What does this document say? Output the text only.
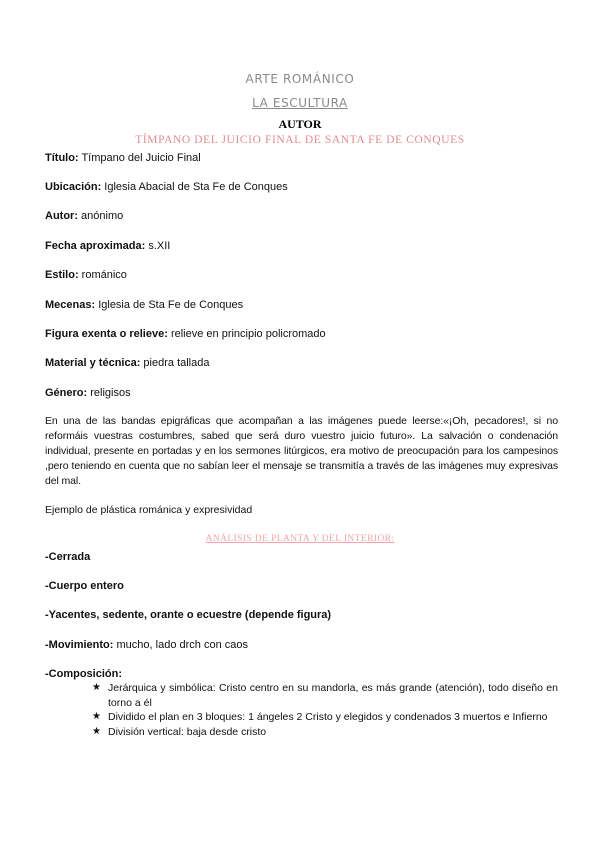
ARTE ROMÁNICO
LA ESCULTURA
AUTOR
TÍMPANO DEL JUICIO FINAL DE SANTA FE DE CONQUES
Título: Tímpano del Juicio Final
Ubicación: Iglesia Abacial de Sta Fe de Conques
Autor: anónimo
Fecha aproximada: s.XII
Estilo: románico
Mecenas: Iglesia de Sta Fe de Conques
Figura exenta o relieve: relieve en principio policromado
Material y técnica: piedra tallada
Género: religisos
En una de las bandas epigráficas que acompañan a las imágenes puede leerse:«¡Oh, pecadores!, si no reformáis vuestras costumbres, sabed que será duro vuestro juicio futuro». La salvación o condenación individual, presente en portadas y en los sermones litúrgicos, era motivo de preocupación para los campesinos ,pero teniendo en cuenta que no sabían leer el mensaje se transmitía a través de las imágenes muy expresivas del mal.
Ejemplo de plástica románica y expresividad
ANÁLISIS DE PLANTA Y DEL INTERIOR:
-Cerrada
-Cuerpo entero
-Yacentes, sedente, orante o ecuestre (depende figura)
-Movimiento: mucho, lado drch con caos
-Composición:
★ Jerárquica y simbólica: Cristo centro en su mandorla, es más grande (atención), todo diseño en torno a él
★ Dividido el plan en 3 bloques: 1 ángeles 2 Cristo y elegidos y condenados 3 muertos e Infierno
★ División vertical: baja desde cristo
